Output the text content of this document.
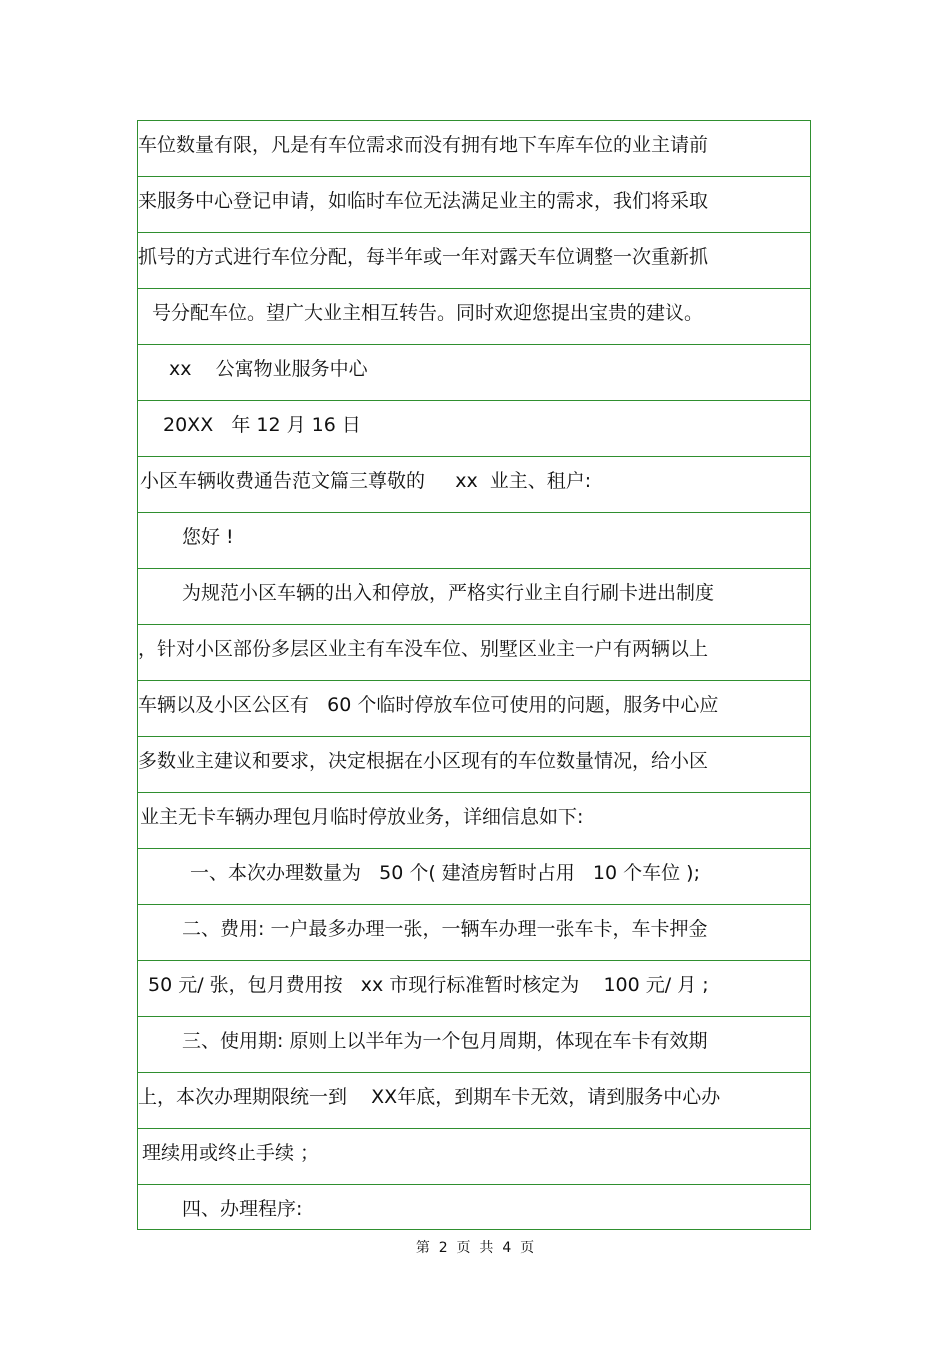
车位数量有限，凡是有车位需求而没有拥有地下车库车位的业主请前
来服务中心登记申请，如临时车位无法满足业主的需求，我们将采取
抓号的方式进行车位分配，每半年或一年对露天车位调整一次重新抓
号分配车位。望广大业主相互转告。同时欢迎您提出宝贵的建议。
xx    公寓物业服务中心
20XX   年 12 月 16 日
小区车辆收费通告范文篇三尊敬的     xx  业主、租户:
您好 !
为规范小区车辆的出入和停放，严格实行业主自行刷卡进出制度
，针对小区部份多层区业主有车没车位、别墅区业主一户有两辆以上
车辆以及小区公区有   60 个临时停放车位可使用的问题，服务中心应
多数业主建议和要求，决定根据在小区现有的车位数量情况，给小区
业主无卡车辆办理包月临时停放业务，详细信息如下:
一、本次办理数量为   50 个( 建渣房暂时占用   10 个车位 );
二、费用: 一户最多办理一张，一辆车办理一张车卡，车卡押金
50 元/ 张，包月费用按   xx 市现行标准暂时核定为    100 元/ 月 ;
三、使用期: 原则上以半年为一个包月周期，体现在车卡有效期
上，本次办理期限统一到    XX年底，到期车卡无效，请到服务中心办
理续用或终止手续 ；
四、办理程序:
第  2  页  共  4  页
